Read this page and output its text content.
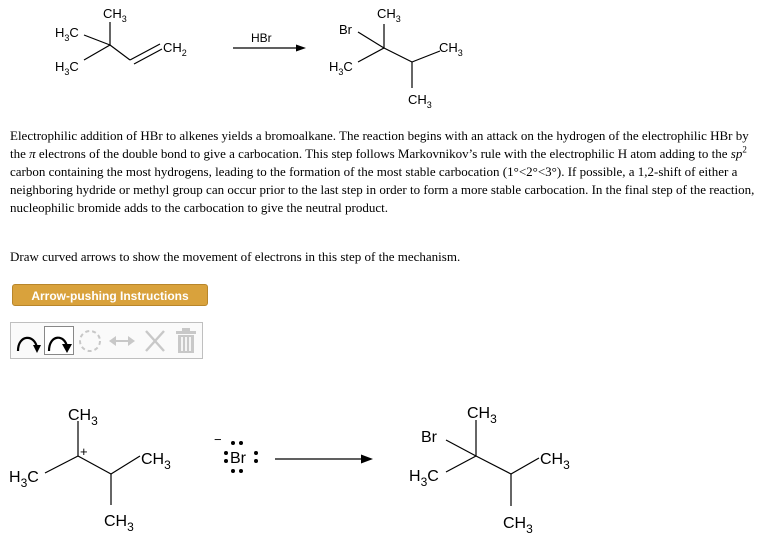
$CH_3$
$H_3C$
$H_3C$
$CH_2$
HBr
Br
$CH_3$
$H_3C$
$CH_3$
$CH_3$

Electrophilic addition of HBr to alkenes yields a bromoalkane. The reaction begins with an attack on the hydrogen of the electrophilic HBr by the π electrons of the double bond to give a carbocation. This step follows Markovnikov’s rule with the electrophilic H atom adding to the $sp^2$ carbon containing the most hydrogens, leading to the formation of the most stable carbocation (1°<2°<3°). If possible, a 1,2-shift of either a neighboring hydride or methyl group can occur prior to the last step in order to form a more stable carbocation. In the final step of the reaction, nucleophilic bromide adds to the carbocation to give the neutral product.

Draw curved arrows to show the movement of electrons in this step of the mechanism.

Arrow-pushing Instructions
$CH_3$
+	$CH_3$
$H_3C$
$CH_3$
−
Br
Br
$CH_3$
$H_3C$
$CH_3$
$CH_3$
